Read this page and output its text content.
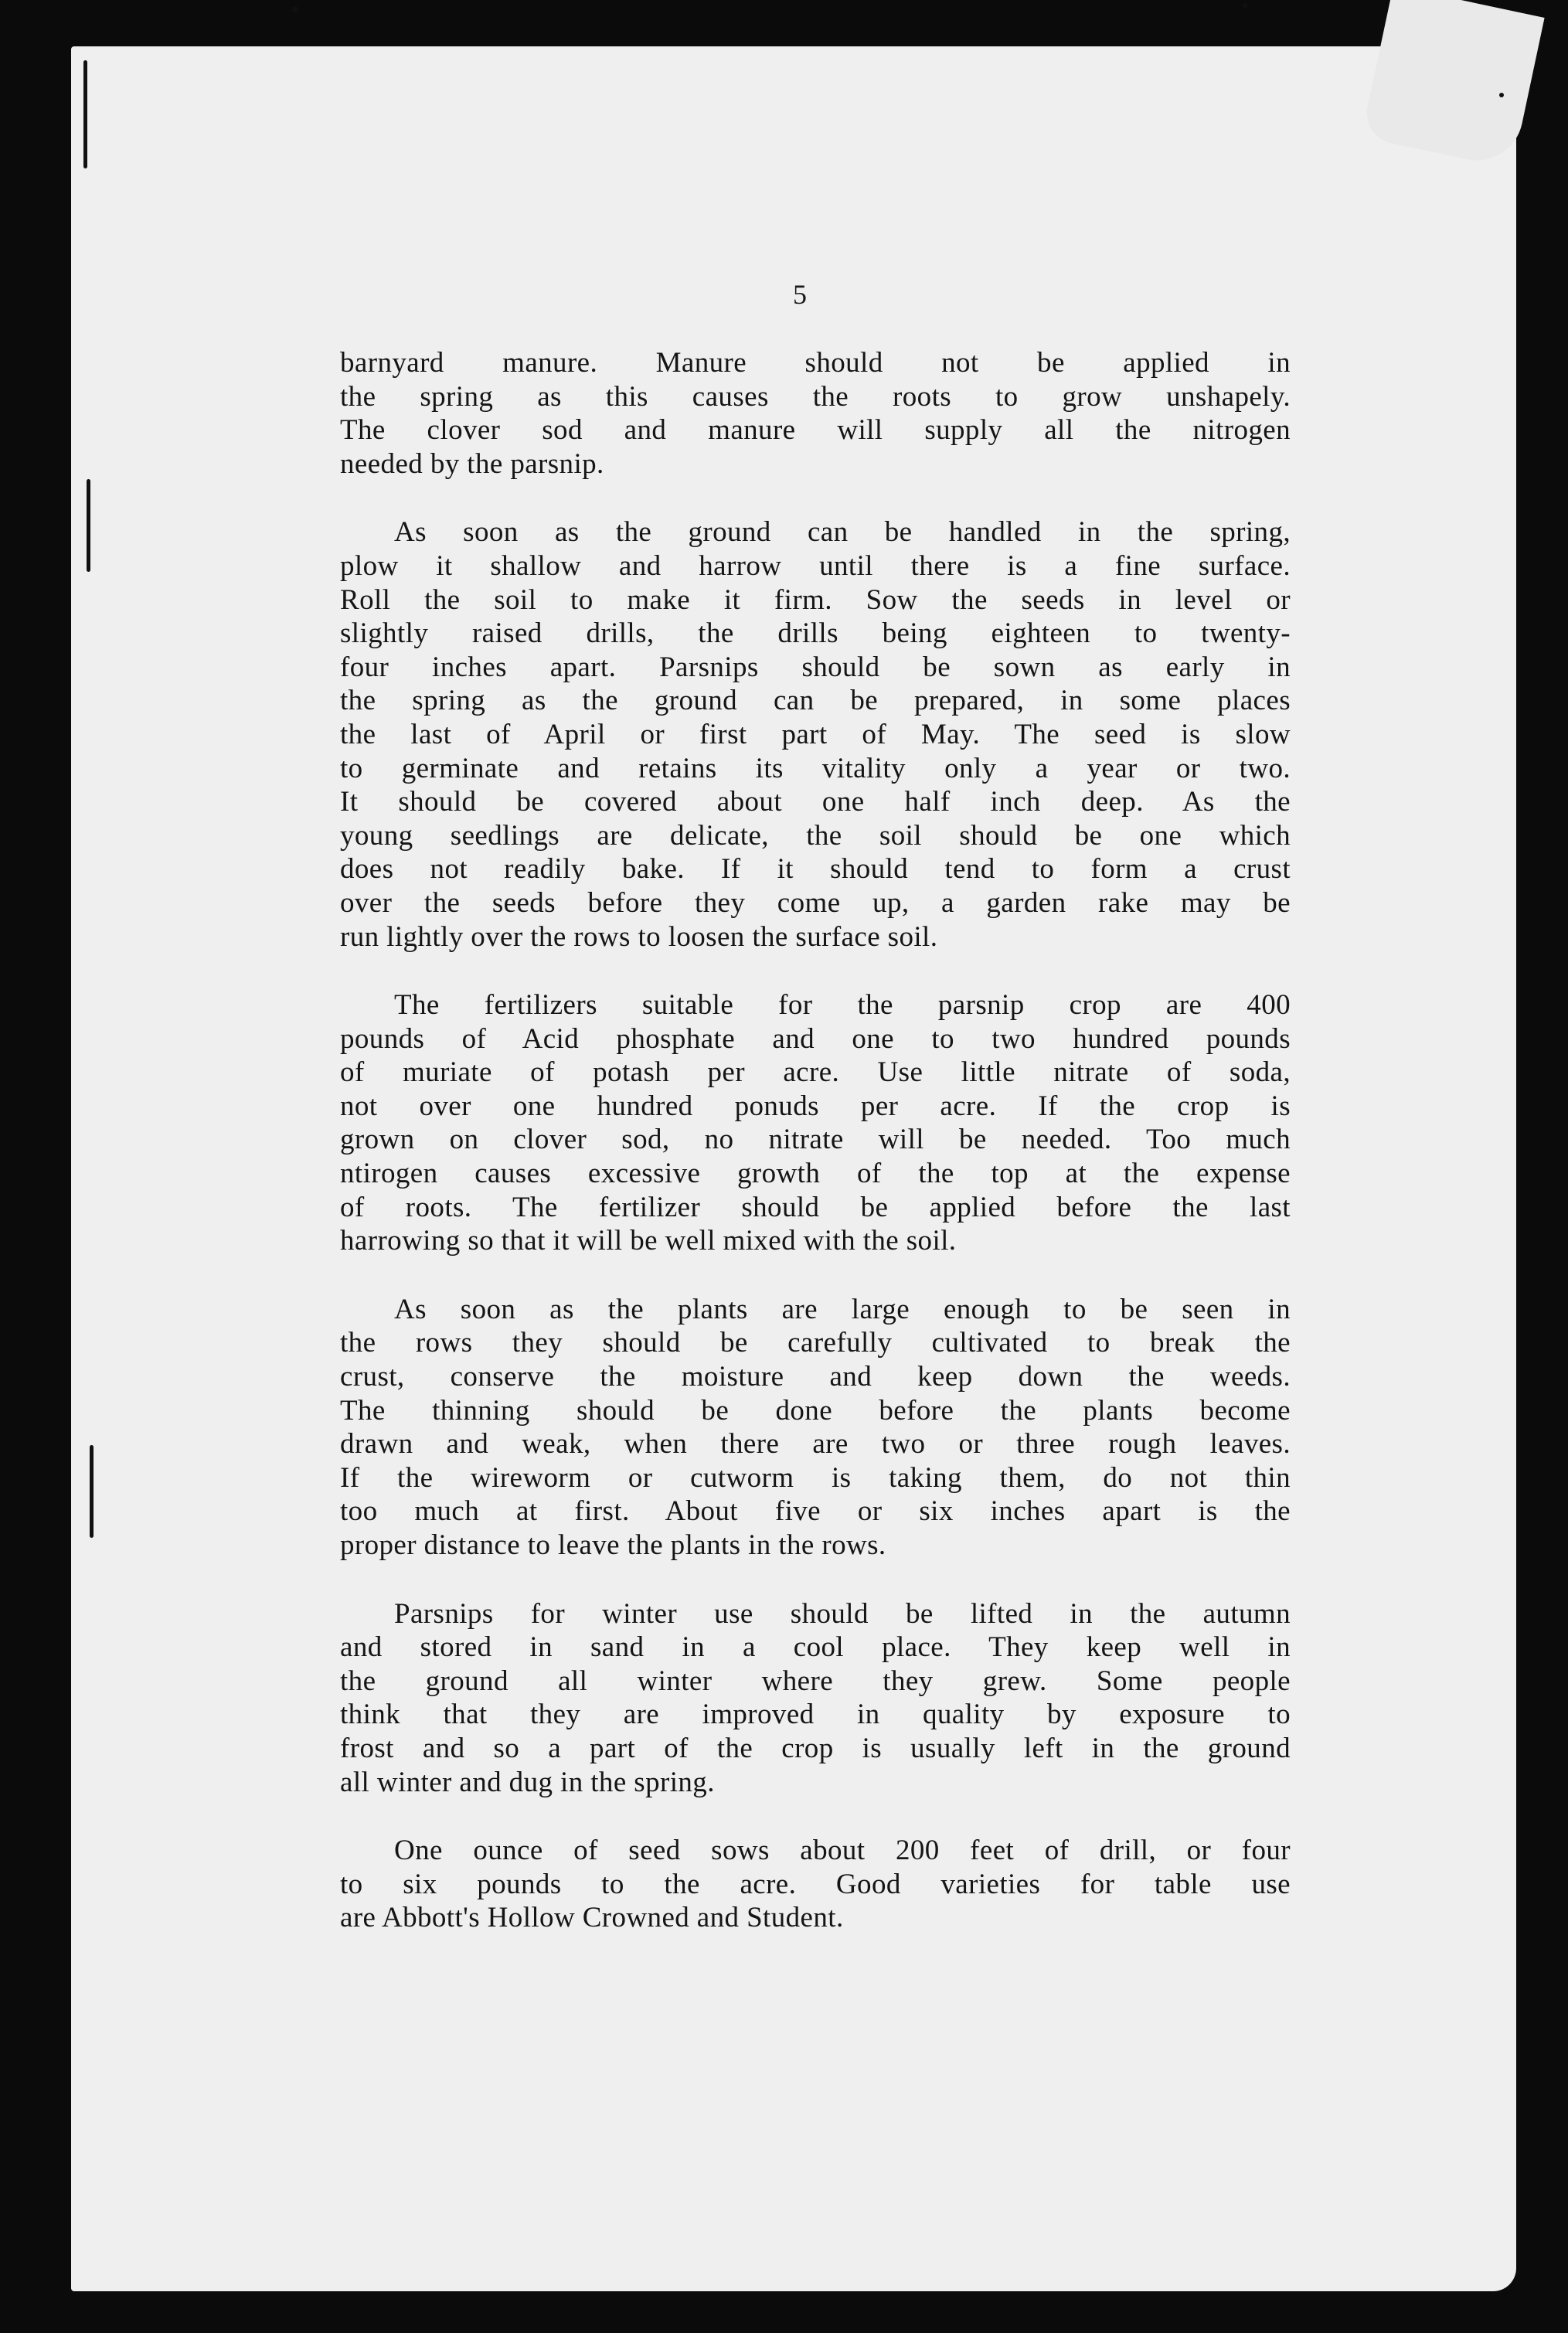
5

barnyard manure. Manure should not be applied in
the spring as this causes the roots to grow unshapely.
The clover sod and manure will supply all the nitrogen
needed by the parsnip.

As soon as the ground can be handled in the spring,
plow it shallow and harrow until there is a fine surface.
Roll the soil to make it firm. Sow the seeds in level or
slightly raised drills, the drills being eighteen to twenty-
four inches apart. Parsnips should be sown as early in
the spring as the ground can be prepared, in some places
the last of April or first part of May. The seed is slow
to germinate and retains its vitality only a year or two.
It should be covered about one half inch deep. As the
young seedlings are delicate, the soil should be one which
does not readily bake. If it should tend to form a crust
over the seeds before they come up, a garden rake may be
run lightly over the rows to loosen the surface soil.

The fertilizers suitable for the parsnip crop are 400
pounds of Acid phosphate and one to two hundred pounds
of muriate of potash per acre. Use little nitrate of soda,
not over one hundred ponuds per acre. If the crop is
grown on clover sod, no nitrate will be needed. Too much
ntirogen causes excessive growth of the top at the expense
of roots. The fertilizer should be applied before the last
harrowing so that it will be well mixed with the soil.

As soon as the plants are large enough to be seen in
the rows they should be carefully cultivated to break the
crust, conserve the moisture and keep down the weeds.
The thinning should be done before the plants become
drawn and weak, when there are two or three rough leaves.
If the wireworm or cutworm is taking them, do not thin
too much at first. About five or six inches apart is the
proper distance to leave the plants in the rows.

Parsnips for winter use should be lifted in the autumn
and stored in sand in a cool place. They keep well in
the ground all winter where they grew. Some people
think that they are improved in quality by exposure to
frost and so a part of the crop is usually left in the ground
all winter and dug in the spring.

One ounce of seed sows about 200 feet of drill, or four
to six pounds to the acre. Good varieties for table use
are Abbott's Hollow Crowned and Student.
